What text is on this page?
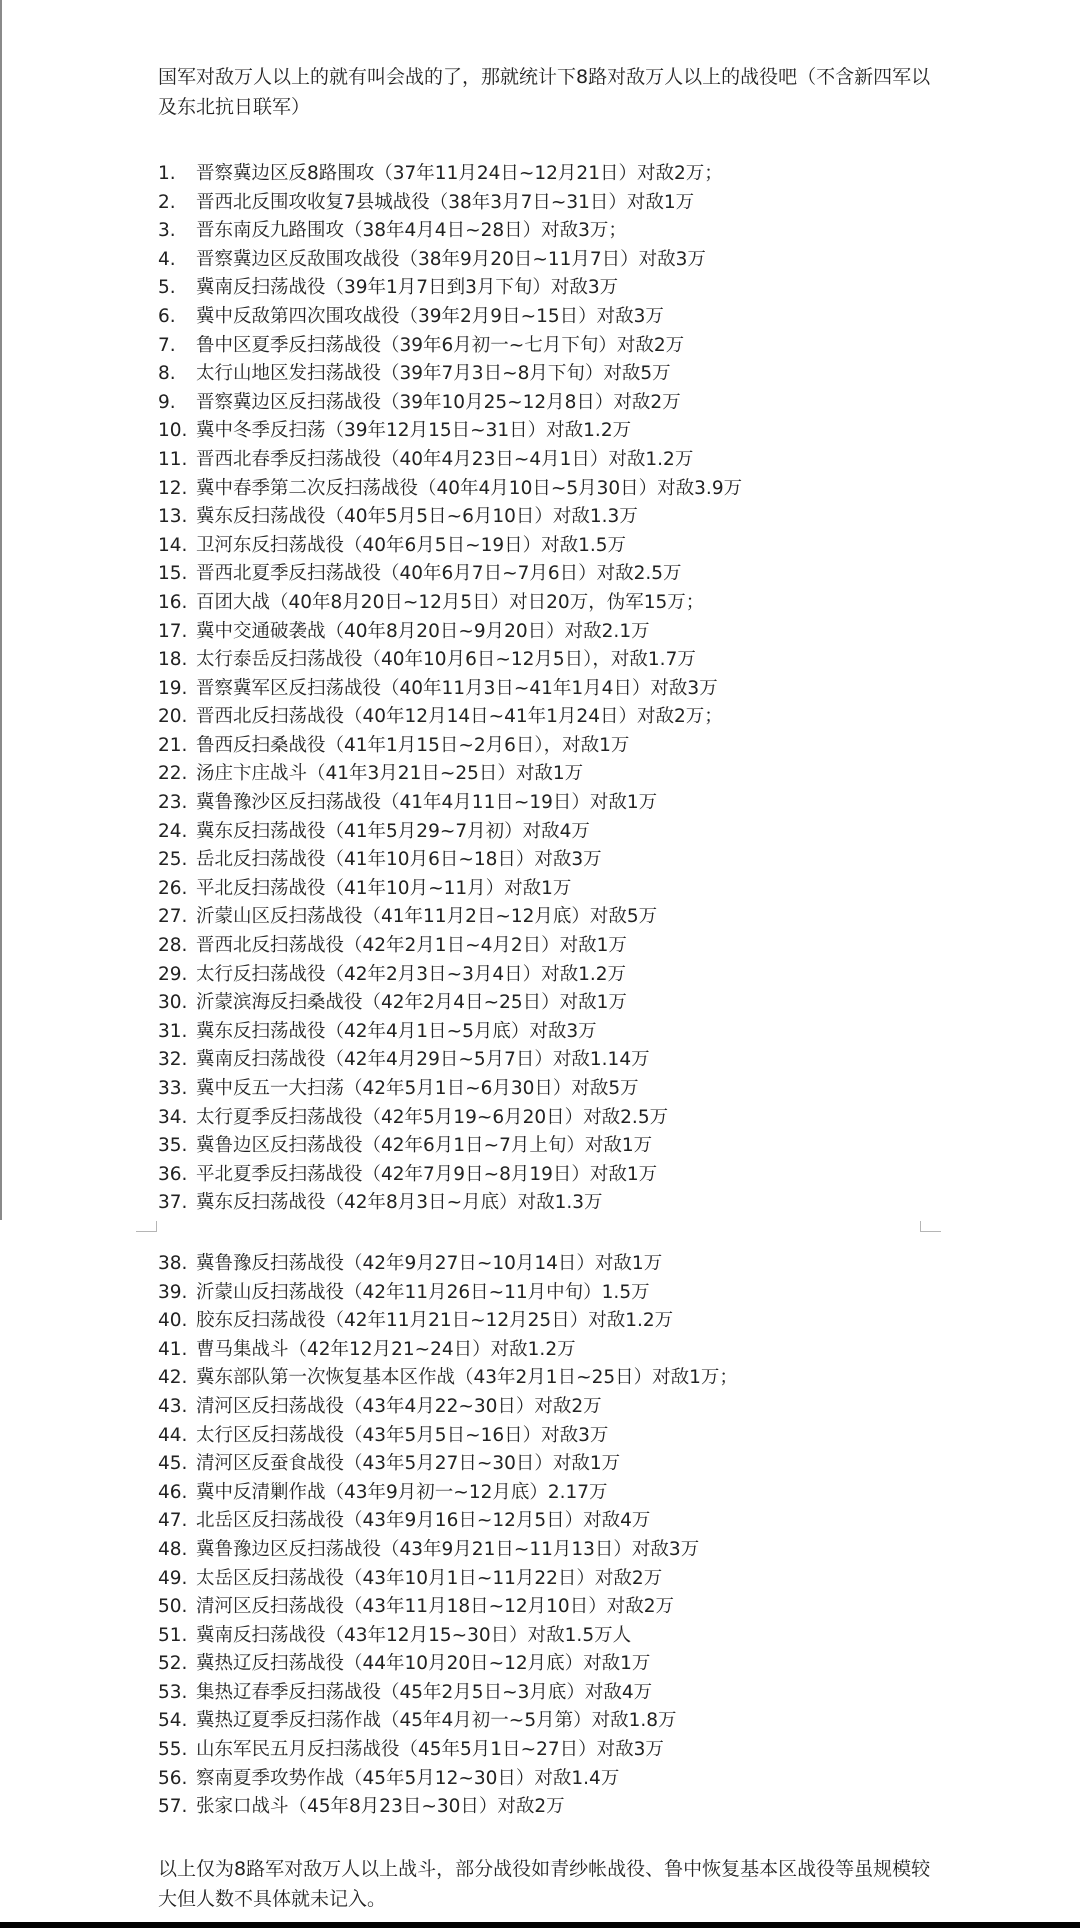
国军对敌万人以上的就有叫会战的了，那就统计下8路对敌万人以上的战役吧（不含新四军以及东北抗日联军）

1.	晋察冀边区反8路围攻（37年11月24日~12月21日）对敌2万；
2.	晋西北反围攻收复7县城战役（38年3月7日~31日）对敌1万
3.	晋东南反九路围攻（38年4月4日~28日）对敌3万；
4.	晋察冀边区反敌围攻战役（38年9月20日~11月7日）对敌3万
5.	冀南反扫荡战役（39年1月7日到3月下旬）对敌3万
6.	冀中反敌第四次围攻战役（39年2月9日~15日）对敌3万
7.	鲁中区夏季反扫荡战役（39年6月初一~七月下旬）对敌2万
8.	太行山地区发扫荡战役（39年7月3日~8月下旬）对敌5万
9.	晋察冀边区反扫荡战役（39年10月25~12月8日）对敌2万
10. 冀中冬季反扫荡（39年12月15日~31日）对敌1.2万
11. 晋西北春季反扫荡战役（40年4月23日~4月1日）对敌1.2万
12. 冀中春季第二次反扫荡战役（40年4月10日~5月30日）对敌3.9万
13. 冀东反扫荡战役（40年5月5日~6月10日）对敌1.3万
14. 卫河东反扫荡战役（40年6月5日~19日）对敌1.5万
15. 晋西北夏季反扫荡战役（40年6月7日~7月6日）对敌2.5万
16. 百团大战（40年8月20日~12月5日）对日20万，伪军15万；
17. 冀中交通破袭战（40年8月20日~9月20日）对敌2.1万
18. 太行泰岳反扫荡战役（40年10月6日~12月5日），对敌1.7万
19. 晋察冀军区反扫荡战役（40年11月3日~41年1月4日）对敌3万
20. 晋西北反扫荡战役（40年12月14日~41年1月24日）对敌2万；
21. 鲁西反扫桑战役（41年1月15日~2月6日），对敌1万
22. 汤庄卞庄战斗（41年3月21日~25日）对敌1万
23. 冀鲁豫沙区反扫荡战役（41年4月11日~19日）对敌1万
24. 冀东反扫荡战役（41年5月29~7月初）对敌4万
25. 岳北反扫荡战役（41年10月6日~18日）对敌3万
26. 平北反扫荡战役（41年10月~11月）对敌1万
27. 沂蒙山区反扫荡战役（41年11月2日~12月底）对敌5万
28. 晋西北反扫荡战役（42年2月1日~4月2日）对敌1万
29. 太行反扫荡战役（42年2月3日~3月4日）对敌1.2万
30. 沂蒙滨海反扫桑战役（42年2月4日~25日）对敌1万
31. 冀东反扫荡战役（42年4月1日~5月底）对敌3万
32. 冀南反扫荡战役（42年4月29日~5月7日）对敌1.14万
33. 冀中反五一大扫荡（42年5月1日~6月30日）对敌5万
34. 太行夏季反扫荡战役（42年5月19~6月20日）对敌2.5万
35. 冀鲁边区反扫荡战役（42年6月1日~7月上旬）对敌1万
36. 平北夏季反扫荡战役（42年7月9日~8月19日）对敌1万
37. 冀东反扫荡战役（42年8月3日~月底）对敌1.3万
38. 冀鲁豫反扫荡战役（42年9月27日~10月14日）对敌1万
39. 沂蒙山反扫荡战役（42年11月26日~11月中旬）1.5万
40. 胶东反扫荡战役（42年11月21日~12月25日）对敌1.2万
41. 曹马集战斗（42年12月21~24日）对敌1.2万
42. 冀东部队第一次恢复基本区作战（43年2月1日~25日）对敌1万；
43. 清河区反扫荡战役（43年4月22~30日）对敌2万
44. 太行区反扫荡战役（43年5月5日~16日）对敌3万
45. 清河区反蚕食战役（43年5月27日~30日）对敌1万
46. 冀中反清剿作战（43年9月初一~12月底）2.17万
47. 北岳区反扫荡战役（43年9月16日~12月5日）对敌4万
48. 冀鲁豫边区反扫荡战役（43年9月21日~11月13日）对敌3万
49. 太岳区反扫荡战役（43年10月1日~11月22日）对敌2万
50. 清河区反扫荡战役（43年11月18日~12月10日）对敌2万
51. 冀南反扫荡战役（43年12月15~30日）对敌1.5万人
52. 冀热辽反扫荡战役（44年10月20日~12月底）对敌1万
53. 集热辽春季反扫荡战役（45年2月5日~3月底）对敌4万
54. 冀热辽夏季反扫荡作战（45年4月初一~5月第）对敌1.8万
55. 山东军民五月反扫荡战役（45年5月1日~27日）对敌3万
56. 察南夏季攻势作战（45年5月12~30日）对敌1.4万
57. 张家口战斗（45年8月23日~30日）对敌2万

以上仅为8路军对敌万人以上战斗，部分战役如青纱帐战役、鲁中恢复基本区战役等虽规模较大但人数不具体就未记入。
